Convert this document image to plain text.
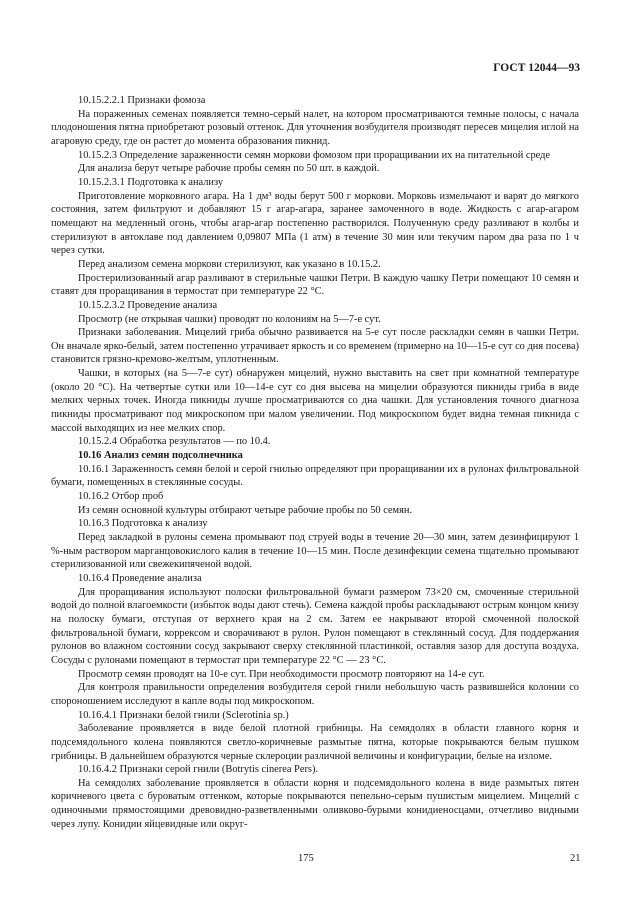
ГОСТ 12044—93

10.15.2.2.1 Признаки фомоза

На пораженных семенах появляется темно-серый налет, на котором просматриваются темные полосы, с начала плодоношения пятна приобретают розовый оттенок. Для уточнения возбудителя производят пересев мицелия иглой на агаровую среду, где он растет до момента образования пикнид.

10.15.2.3 Определение зараженности семян моркови фомозом при проращивании их на питательной среде

Для анализа берут четыре рабочие пробы семян по 50 шт. в каждой.

10.15.2.3.1 Подготовка к анализу

Приготовление морковного агара. На 1 дм³ воды берут 500 г моркови. Морковь измельчают и варят до мягкого состояния, затем фильтруют и добавляют 15 г агар-агара, заранее замоченного в воде. Жидкость с агар-агаром помещают на медленный огонь, чтобы агар-агар постепенно растворился. Полученную среду разливают в колбы и стерилизуют в автоклаве под давлением 0,09807 МПа (1 атм) в течение 30 мин или текучим паром два раза по 1 ч через сутки.

Перед анализом семена моркови стерилизуют, как указано в 10.15.2.

Простерилизованный агар разливают в стерильные чашки Петри. В каждую чашку Петри помещают 10 семян и ставят для проращивания в термостат при температуре 22 °С.

10.15.2.3.2 Проведение анализа

Просмотр (не открывая чашки) проводят по колониям на 5—7-е сут.

Признаки заболевания. Мицелий гриба обычно развивается на 5-е сут после раскладки семян в чашки Петри. Он вначале ярко-белый, затем постепенно утрачивает яркость и со временем (примерно на 10—15-е сут со дня посева) становится грязно-кремово-желтым, уплотненным.

Чашки, в которых (на 5—7-е сут) обнаружен мицелий, нужно выставить на свет при комнатной температуре (около 20 °С). На четвертые сутки или 10—14-е сут со дня высева на мицелии образуются пикниды гриба в виде мелких черных точек. Иногда пикниды лучше просматриваются со дна чашки. Для установления точного диагноза пикниды просматривают под микроскопом при малом увеличении. Под микроскопом будет видна темная пикнида с массой выходящих из нее мелких спор.

10.15.2.4 Обработка результатов — по 10.4.

10.16 Анализ семян подсолнечника

10.16.1 Зараженность семян белой и серой гнилью определяют при проращивании их в рулонах фильтровальной бумаги, помещенных в стеклянные сосуды.

10.16.2 Отбор проб

Из семян основной культуры отбирают четыре рабочие пробы по 50 семян.

10.16.3 Подготовка к анализу

Перед закладкой в рулоны семена промывают под струей воды в течение 20—30 мин, затем дезинфицируют 1 %-ным раствором марганцовокислого калия в течение 10—15 мин. После дезинфекции семена тщательно промывают стерилизованной или свежекипяченой водой.

10.16.4 Проведение анализа

Для проращивания используют полоски фильтровальной бумаги размером 73×20 см, смоченные стерильной водой до полной влагоемкости (избыток воды дают стечь). Семена каждой пробы раскладывают острым концом книзу на полоску бумаги, отступая от верхнего края на 2 см. Затем ее накрывают второй смоченной полоской фильтровальной бумаги, коррексом и сворачивают в рулон. Рулон помещают в стеклянный сосуд. Для поддержания рулонов во влажном состоянии сосуд закрывают сверху стеклянной пластинкой, оставляя зазор для доступа воздуха. Сосуды с рулонами помещают в термостат при температуре 22 °С — 23 °С.

Просмотр семян проводят на 10-е сут. При необходимости просмотр повторяют на 14-е сут.

Для контроля правильности определения возбудителя серой гнили небольшую часть развившейся колонии со спороношением исследуют в капле воды под микроскопом.

10.16.4.1 Признаки белой гнили (Sclerotinia sp.)

Заболевание проявляется в виде белой плотной грибницы. На семядолях в области главного корня и подсемядольного колена появляются светло-коричневые размытые пятна, которые покрываются белым пушком грибницы. В дальнейшем образуются черные склероции различной величины и конфигурации, белые на изломе.

10.16.4.2 Признаки серой гнили (Botrytis cinerea Pers).

На семядолях заболевание проявляется в области корня и подсемядольного колена в виде размытых пятен коричневого цвета с буроватым оттенком, которые покрываются пепельно-серым пушистым мицелием. Мицелий с одиночными прямостоящими древовидно-разветвленными оливково-бурыми конидиеносцами, отчетливо видными через лупу. Конидии яйцевидные или округ-

175	21
